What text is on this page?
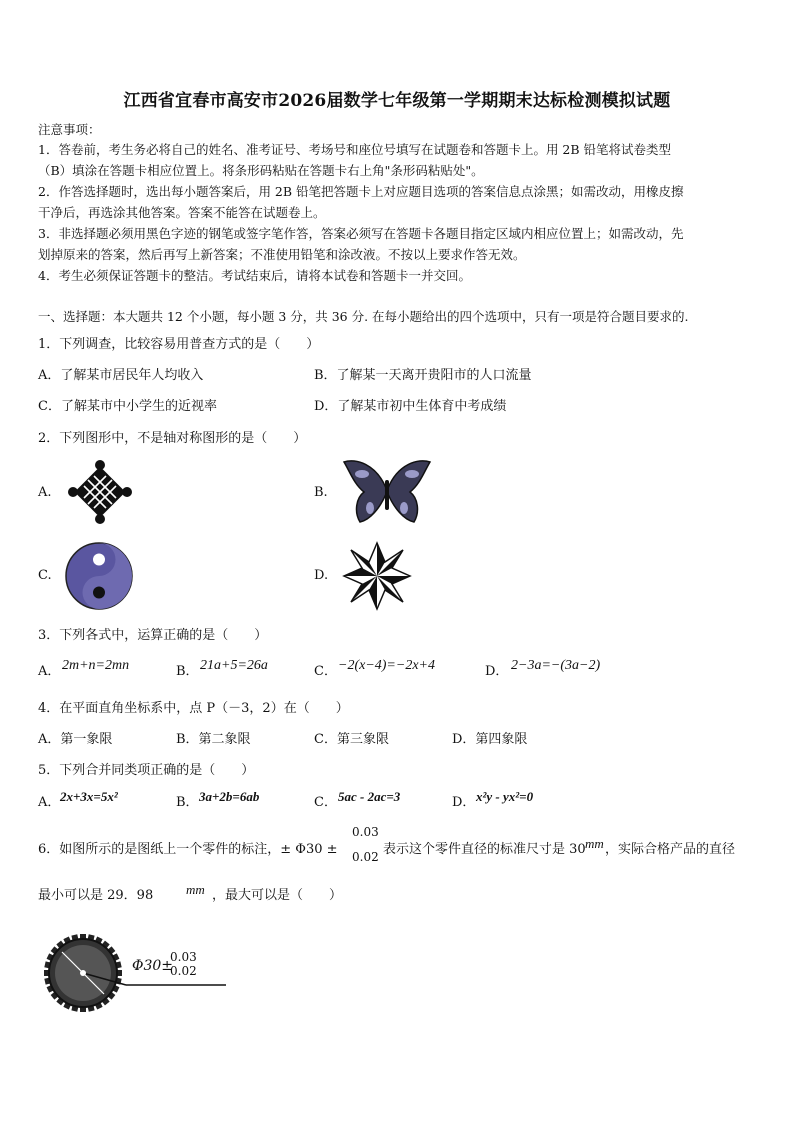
江西省宜春市高安市2026届数学七年级第一学期期末达标检测模拟试题
注意事项：
1．答卷前，考生务必将自己的姓名、准考证号、考场号和座位号填写在试题卷和答题卡上。用 2B 铅笔将试卷类型
（B）填涂在答题卡相应位置上。将条形码粘贴在答题卡右上角"条形码粘贴处"。
2．作答选择题时，选出每小题答案后，用 2B 铅笔把答题卡上对应题目选项的答案信息点涂黑；如需改动，用橡皮擦
干净后，再选涂其他答案。答案不能答在试题卷上。
3．非选择题必须用黑色字迹的钢笔或签字笔作答，答案必须写在答题卡各题目指定区域内相应位置上；如需改动，先
划掉原来的答案，然后再写上新答案；不准使用铅笔和涂改液。不按以上要求作答无效。
4．考生必须保证答题卡的整洁。考试结束后，请将本试卷和答题卡一并交回。
一、选择题：本大题共 12 个小题，每小题 3 分，共 36 分. 在每小题给出的四个选项中，只有一项是符合题目要求的.
1．下列调查，比较容易用普查方式的是（　　）
A．了解某市居民年人均收入	B．了解某一天离开贵阳市的人口流量
C．了解某市中小学生的近视率	D．了解某市初中生体育中考成绩
2．下列图形中，不是轴对称图形的是（　　）
A.	B.
C.	D.
3．下列各式中，运算正确的是（　　）
A． 2m+n=2mn	B． 21a+5=26a	C． −2(x−4)=−2x+4	D． 2−3a=−(3a−2)
4．在平面直角坐标系中，点 P（－3，2）在（　　）
A．第一象限	B．第二象限	C．第三象限	D．第四象限
5．下列合并同类项正确的是（　　）
A． 2x+3x=5x²	B． 3a+2b=6ab	C． 5ac - 2ac=3	D． x²y - yx²=0
6．如图所示的是图纸上一个零件的标注，± Φ30 ±
0.03
0.02 表示这个零件直径的标准尺寸是 30 mm ，实际合格产品的直径
最小可以是 29．98	mm ，最大可以是（　　）
Φ30±
0.03
0.02
